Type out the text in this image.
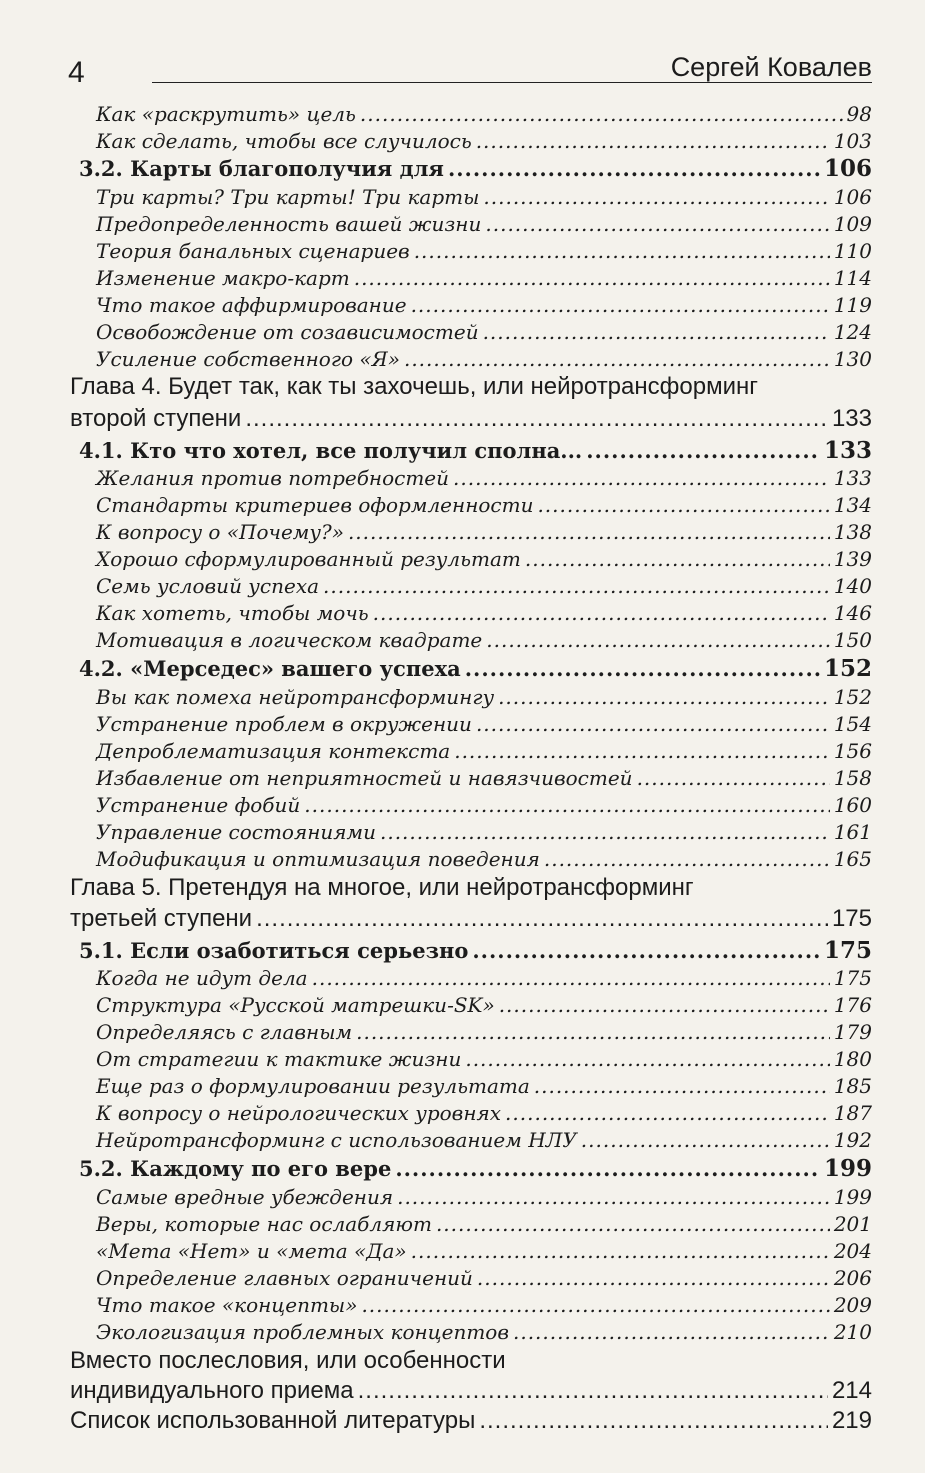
4	Сергей Ковалев
Как «раскрутить» цель .....	98
Как сделать, чтобы все случилось .....	103
3.2. Карты благополучия для .....	106
Три карты? Три карты! Три карты .....	106
Предопределенность вашей жизни .....	109
Теория банальных сценариев .....	110
Изменение макро-карт .....	114
Что такое аффирмирование .....	119
Освобождение от созависимостей .....	124
Усиление собственного «Я» .....	130
Глава 4. Будет так, как ты захочешь, или нейротрансформинг
второй ступени .....	133
4.1. Кто что хотел, все получил сполна... .....	133
Желания против потребностей .....	133
Стандарты критериев оформленности .....	134
К вопросу о «Почему?» .....	138
Хорошо сформулированный результат .....	139
Семь условий успеха .....	140
Как хотеть, чтобы мочь .....	146
Мотивация в логическом квадрате .....	150
4.2. «Мерседес» вашего успеха .....	152
Вы как помеха нейротрансформингу .....	152
Устранение проблем в окружении .....	154
Депроблематизация контекста .....	156
Избавление от неприятностей и навязчивостей .....	158
Устранение фобий .....	160
Управление состояниями .....	161
Модификация и оптимизация поведения .....	165
Глава 5. Претендуя на многое, или нейротрансформинг
третьей ступени .....	175
5.1. Если озаботиться серьезно .....	175
Когда не идут дела .....	175
Структура «Русской матрешки-SK» .....	176
Определяясь с главным .....	179
От стратегии к тактике жизни .....	180
Еще раз о формулировании результата .....	185
К вопросу о нейрологических уровнях .....	187
Нейротрансформинг с использованием НЛУ .....	192
5.2. Каждому по его вере .....	199
Самые вредные убеждения .....	199
Веры, которые нас ослабляют .....	201
«Мета «Нет» и «мета «Да» .....	204
Определение главных ограничений .....	206
Что такое «концепты» .....	209
Экологизация проблемных концептов .....	210
Вместо послесловия, или особенности
индивидуального приема .....	214
Список использованной литературы .....	219
